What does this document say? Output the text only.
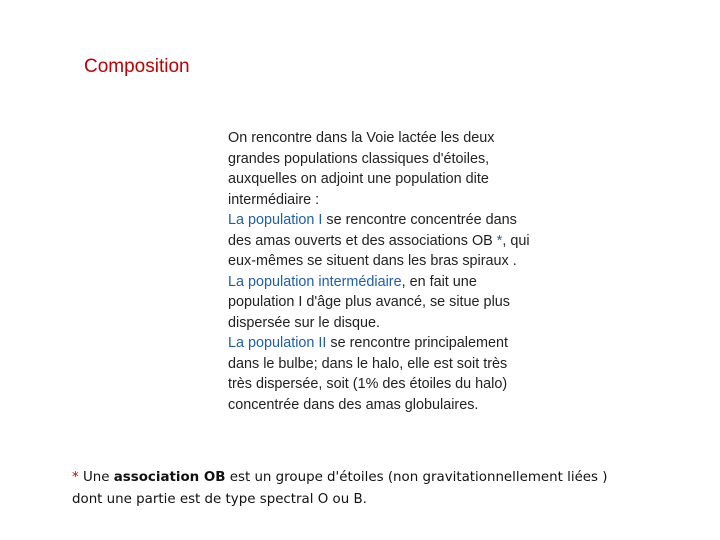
Composition
On rencontre dans la Voie lactée les deux
grandes populations classiques d'étoiles,
auxquelles on adjoint une population dite
intermédiaire :
La population I se rencontre concentrée dans
des amas ouverts et des associations OB *, qui
eux-mêmes se situent dans les bras spiraux .
La population intermédiaire, en fait une
population I d'âge plus avancé, se situe plus
dispersée sur le disque.
La population II se rencontre principalement
dans le bulbe; dans le halo, elle est soit très
très dispersée, soit (1% des étoiles du halo)
concentrée dans des amas globulaires.
* Une association OB est un groupe d'étoiles (non gravitationnellement liées )
dont une partie est de type spectral O ou B.
